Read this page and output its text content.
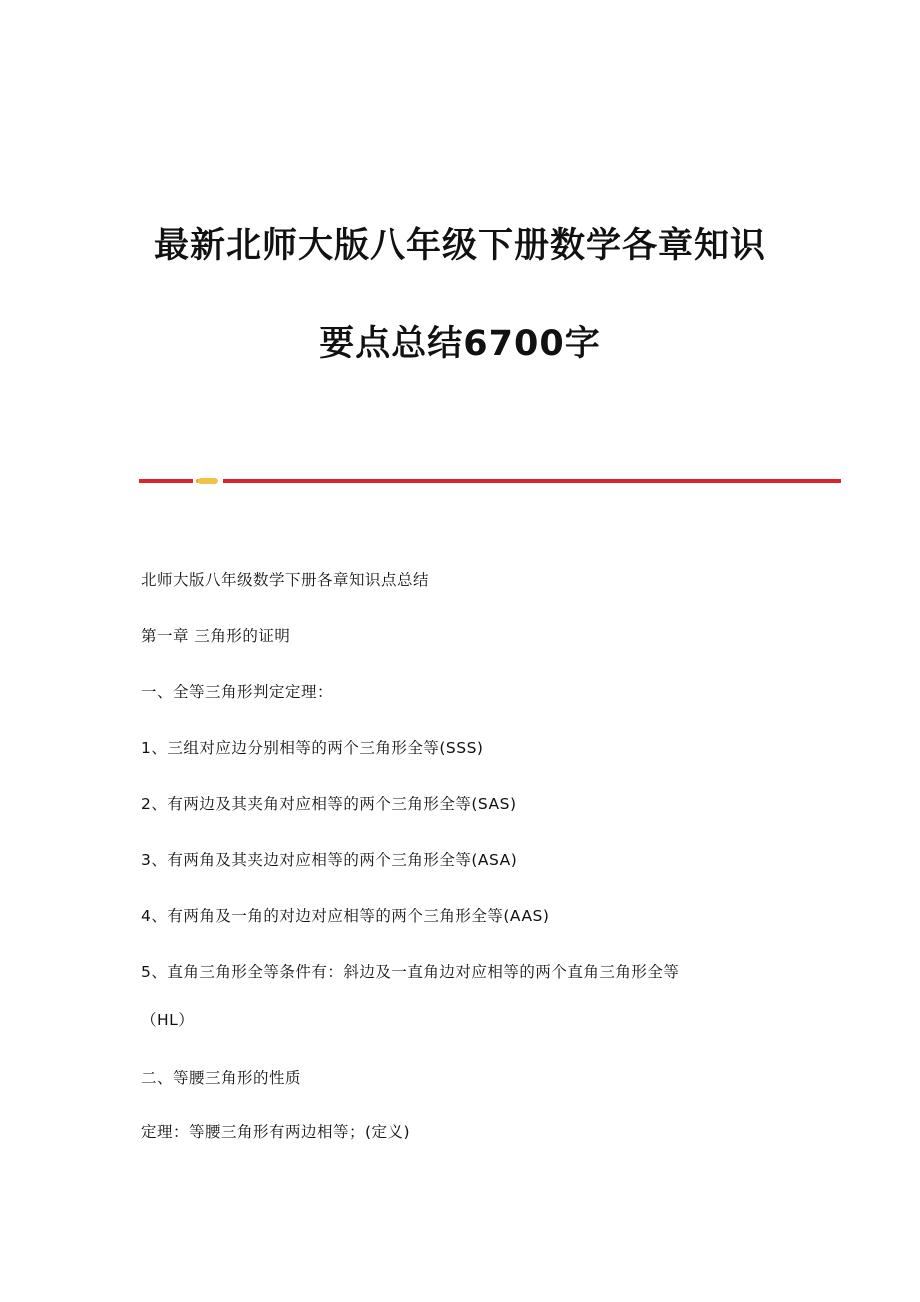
最新北师大版八年级下册数学各章知识
要点总结6700字
北师大版八年级数学下册各章知识点总结
第一章 三角形的证明
一、全等三角形判定定理：
1、三组对应边分别相等的两个三角形全等(SSS)
2、有两边及其夹角对应相等的两个三角形全等(SAS)
3、有两角及其夹边对应相等的两个三角形全等(ASA)
4、有两角及一角的对边对应相等的两个三角形全等(AAS)
5、直角三角形全等条件有：斜边及一直角边对应相等的两个直角三角形全等
（HL）
二、等腰三角形的性质
定理：等腰三角形有两边相等；(定义)
